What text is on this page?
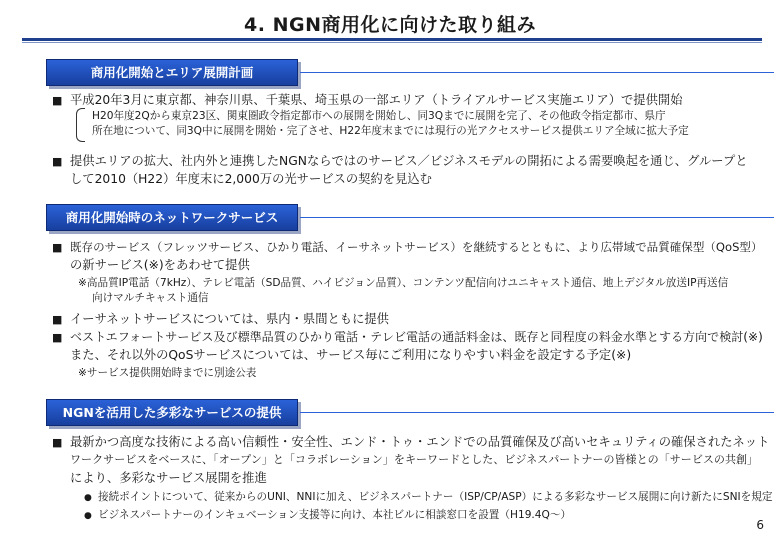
4. NGN商用化に向けた取り組み
商用化開始とエリア展開計画
■ 平成20年3月に東京都、神奈川県、千葉県、埼玉県の一部エリア（トライアルサービス実施エリア）で提供開始
H20年度2Qから東京23区、関東圏政令指定都市への展開を開始し、同3Qまでに展開を完了、その他政令指定都市、県庁
所在地について、同3Q中に展開を開始・完了させ、H22年度末までには現行の光アクセスサービス提供エリア全域に拡大予定
■ 提供エリアの拡大、社内外と連携したNGNならではのサービス／ビジネスモデルの開拓による需要喚起を通じ、グループと
して2010（H22）年度末に2,000万の光サービスの契約を見込む
商用化開始時のネットワークサービス
■ 既存のサービス（フレッツサービス、ひかり電話、イーサネットサービス）を継続するとともに、より広帯域で品質確保型（QoS型）
の新サービス(※)をあわせて提供
※高品質IP電話（7kHz）、テレビ電話（SD品質、ハイビジョン品質）、コンテンツ配信向けユニキャスト通信、地上デジタル放送IP再送信
向けマルチキャスト通信
■ イーサネットサービスについては、県内・県間ともに提供
■ ベストエフォートサービス及び標準品質のひかり電話・テレビ電話の通話料金は、既存と同程度の料金水準とする方向で検討(※)
また、それ以外のQoSサービスについては、サービス毎にご利用になりやすい料金を設定する予定(※)
※サービス提供開始時までに別途公表
NGNを活用した多彩なサービスの提供
■ 最新かつ高度な技術による高い信頼性・安全性、エンド・トゥ・エンドでの品質確保及び高いセキュリティの確保されたネット
ワークサービスをベースに、「オープン」と「コラボレーション」をキーワードとした、ビジネスパートナーの皆様との「サービスの共創」
により、多彩なサービス展開を推進
● 接続ポイントについて、従来からのUNI、NNIに加え、ビジネスパートナー（ISP/CP/ASP）による多彩なサービス展開に向け新たにSNIを規定
● ビジネスパートナーのインキュベーション支援等に向け、本社ビルに相談窓口を設置（H19.4Q〜）
6
